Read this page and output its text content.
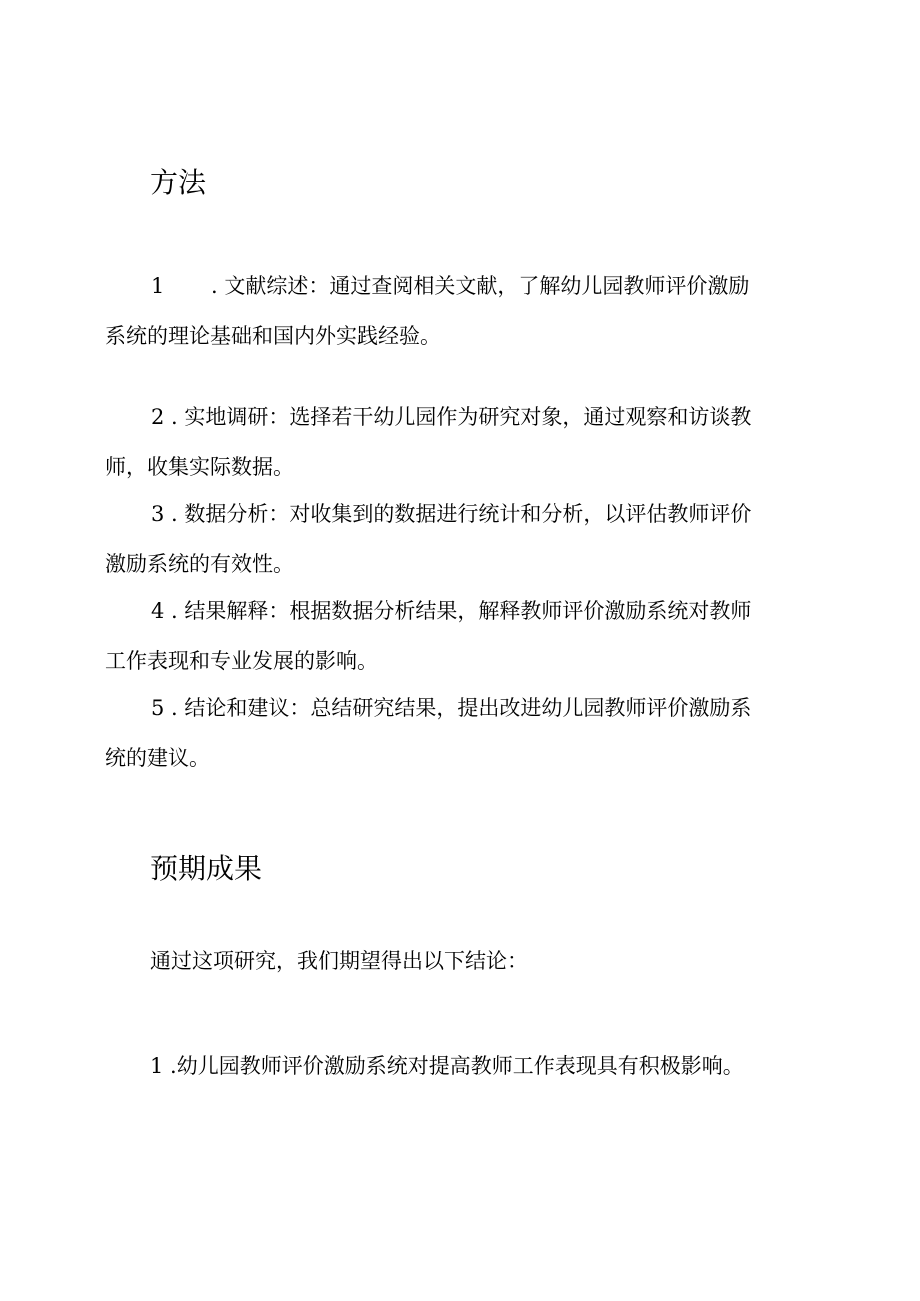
方法
1 . 文献综述：通过查阅相关文献，了解幼儿园教师评价激励
系统的理论基础和国内外实践经验。
2 . 实地调研：选择若干幼儿园作为研究对象，通过观察和访谈教
师，收集实际数据。
3 . 数据分析：对收集到的数据进行统计和分析，以评估教师评价
激励系统的有效性。
4 . 结果解释：根据数据分析结果，解释教师评价激励系统对教师
工作表现和专业发展的影响。
5 . 结论和建议：总结研究结果，提出改进幼儿园教师评价激励系
统的建议。
预期成果

通过这项研究，我们期望得出以下结论：

1 .幼儿园教师评价激励系统对提高教师工作表现具有积极影响。
